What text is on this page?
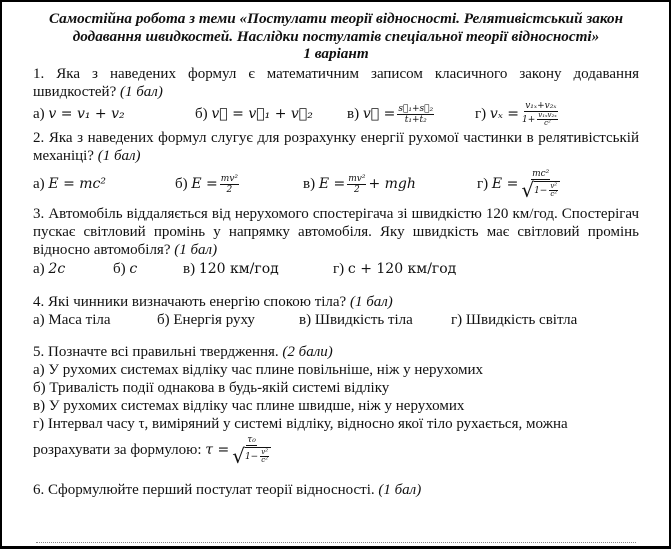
Самостійна робота з теми «Постулати теорії відносності. Релятивістський закон
додавання швидкостей. Наслідки постулатів спеціальної теорії відносності»
1 варіант
1. Яка з наведених формул є математичним записом класичного закону додавання швидкостей? (1 бал)
а)
v = v₁ + v₂	б)
v⃗ = v⃗₁ + v⃗₂ в)
v⃗ = $\frac{\text{s⃗₁+s⃗₂}}{\text{t₁+t₂}}$	г)
$v_x = \frac{\text{v₁ₓ+v₂ₓ}}{1+ \frac{\text{v₁ₓv₂ₓ}}{\text{c²}}}$
2. Яка з наведених формул слугує для розрахунку енергії рухомої частинки в релятивістській механіці? (1 бал)
а)
E = mc²	б)
$E = \frac{\text{mv²}}{2}$	в)
$E = \frac{\text{mv²}}{2}$ + mgh	г)
$E = \frac{\text{mc²}}{√ 1- \frac{\text{v²}}{\text{c²}}}$
3. Автомобіль віддаляється від нерухомого спостерігача зі швидкістю 120 км/год. Спостерігач пускає світловий промінь у напрямку автомобіля. Яку швидкість має світловий промінь відносно автомобіля? (1 бал)
а)
2c	б)
c	в)
120 км/год	г)
c + 120 км/год
4. Які чинники визначають енергію спокою тіла? (1 бал)
а) Маса тіла	б) Енергія руху	в) Швидкість тіла	г) Швидкість світла
5. Позначте всі правильні твердження. (2 бали)
а) У рухомих системах відліку час плине повільніше, ніж у нерухомих
б) Тривалість події однакова в будь-якій системі відліку
в) У рухомих системах відліку час плине швидше, ніж у нерухомих
г) Інтервал часу τ, виміряний у системі відліку, відносно якої тіло рухається, можна
розрахувати за формулою:
$\tau = \frac{\text{τ₀}}{√ 1- \frac{\text{v²}}{\text{c²}}}$
6. Сформулюйте перший постулат теорії відносності. (1 бал)
